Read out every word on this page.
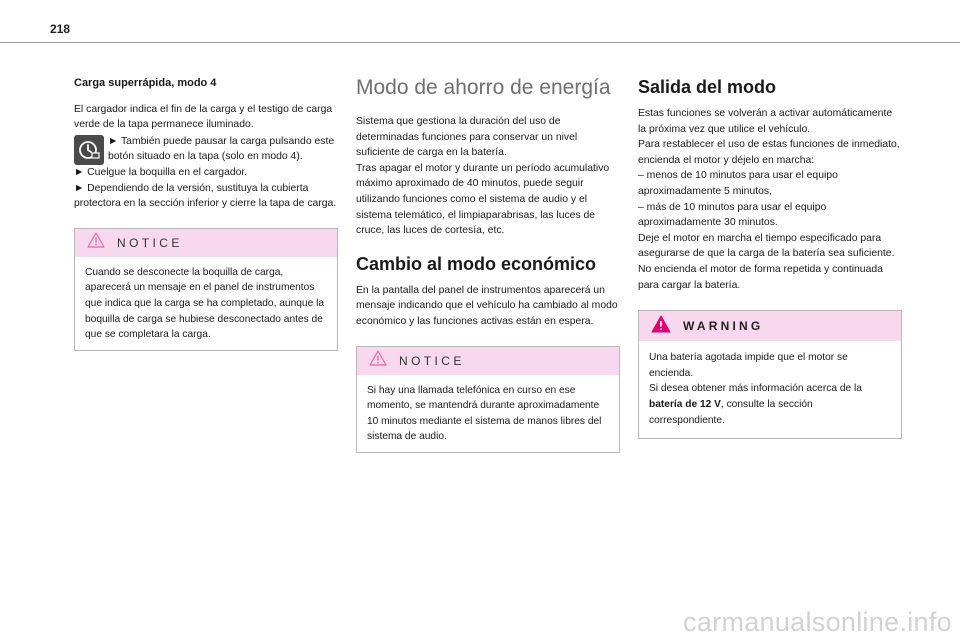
218

Carga superrápida, modo 4

El cargador indica el fin de la carga y el testigo de carga verde de la tapa permanece iluminado.

► También puede pausar la carga pulsando este botón situado en la tapa (solo en modo 4).

► Cuelgue la boquilla en el cargador.

► Dependiendo de la versión, sustituya la cubierta protectora en la sección inferior y cierre la tapa de carga.

NOTICE

Cuando se desconecte la boquilla de carga, aparecerá un mensaje en el panel de instrumentos que indica que la carga se ha completado, aunque la boquilla de carga se hubiese desconectado antes de que se completara la carga.

Modo de ahorro de energía

Sistema que gestiona la duración del uso de determinadas funciones para conservar un nivel suficiente de carga en la batería.

Tras apagar el motor y durante un período acumulativo máximo aproximado de 40 minutos, puede seguir utilizando funciones como el sistema de audio y el sistema telemático, el limpiaparabrisas, las luces de cruce, las luces de cortesía, etc.

Cambio al modo económico

En la pantalla del panel de instrumentos aparecerá un mensaje indicando que el vehículo ha cambiado al modo económico y las funciones activas están en espera.

NOTICE

Si hay una llamada telefónica en curso en ese momento, se mantendrá durante aproximadamente 10 minutos mediante el sistema de manos libres del sistema de audio.

Salida del modo

Estas funciones se volverán a activar automáticamente la próxima vez que utilice el vehículo.

Para restablecer el uso de estas funciones de inmediato, encienda el motor y déjelo en marcha:

– menos de 10 minutos para usar el equipo aproximadamente 5 minutos,

– más de 10 minutos para usar el equipo aproximadamente 30 minutos.

Deje el motor en marcha el tiempo especificado para asegurarse de que la carga de la batería sea suficiente.

No encienda el motor de forma repetida y continuada para cargar la batería.

WARNING

Una batería agotada impide que el motor se encienda.

Si desea obtener más información acerca de la batería de 12 V, consulte la sección correspondiente.

carmanualsonline.info
